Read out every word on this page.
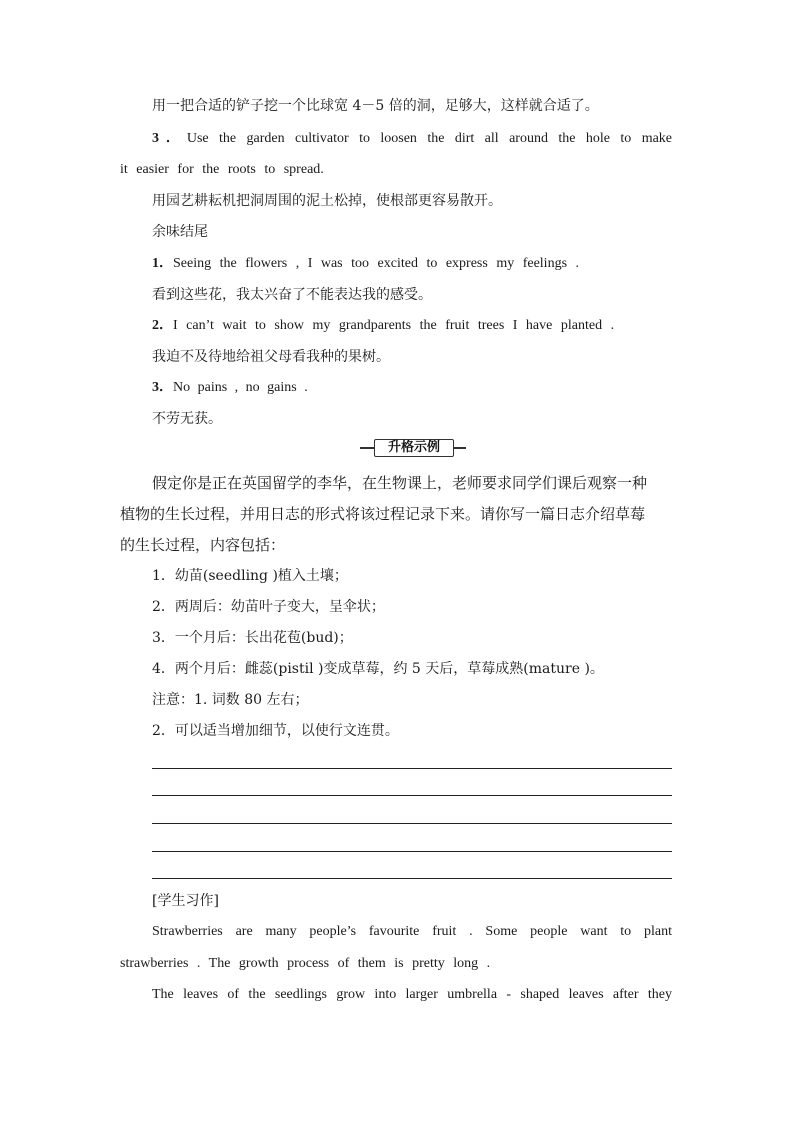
用一把合适的铲子挖一个比球宽 4－5 倍的洞，足够大，这样就合适了。
3．Use the garden cultivator to loosen the dirt all around the hole to make
it easier for the roots to spread.
用园艺耕耘机把洞周围的泥土松掉，使根部更容易散开。
余味结尾
1．Seeing the flowers , I was too excited to express my feelings .
看到这些花，我太兴奋了不能表达我的感受。
2．I can’t wait to show my grandparents the fruit trees I have planted .
我迫不及待地给祖父母看我种的果树。
3．No pains , no gains .
不劳无获。
升格示例
假定你是正在英国留学的李华，在生物课上，老师要求同学们课后观察一种
植物的生长过程，并用日志的形式将该过程记录下来。请你写一篇日志介绍草莓
的生长过程，内容包括：
1．幼苗(seedling )植入土壤；
2．两周后：幼苗叶子变大，呈伞状；
3．一个月后：长出花苞(bud)；
4．两个月后：雌蕊(pistil )变成草莓，约 5 天后，草莓成熟(mature )。
注意：1. 词数 80 左右；
2．可以适当增加细节，以使行文连贯。
[学生习作]
Strawberries are many people’s favourite fruit . Some people want to plant
strawberries . The growth process of them is pretty long .
The leaves of the seedlings grow into larger umbrella - shaped leaves after they
